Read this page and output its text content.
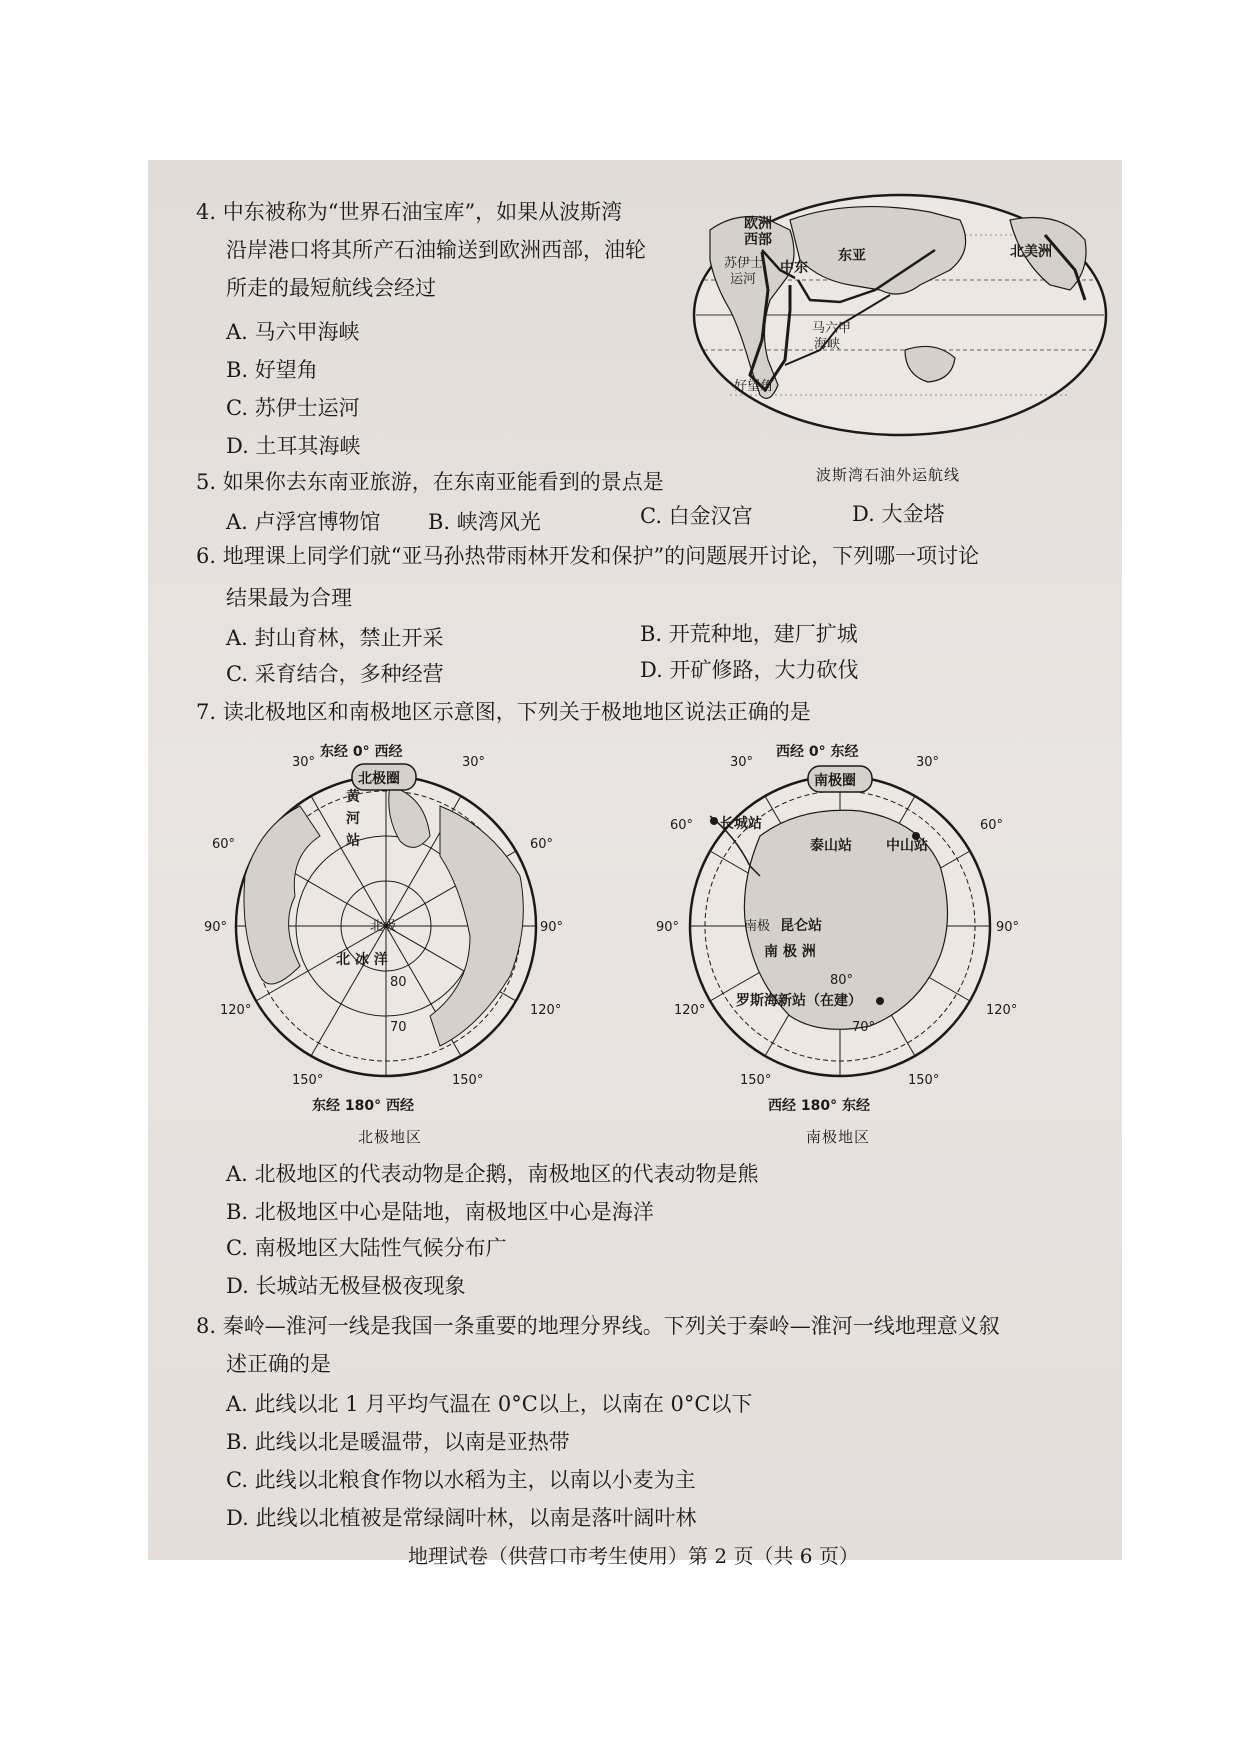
4. 中东被称为“世界石油宝库”，如果从波斯湾
沿岸港口将其所产石油输送到欧洲西部，油轮
所走的最短航线会经过
A. 马六甲海峡
B. 好望角
C. 苏伊士运河
D. 土耳其海峡
欧洲
西部
苏伊士
运河
中东
东亚	北美洲
马六甲
海峡
好望角
波斯湾石油外运航线
5. 如果你去东南亚旅游，在东南亚能看到的景点是
A. 卢浮宫博物馆 B. 峡湾风光	C. 白金汉宫	D. 大金塔
6. 地理课上同学们就“亚马孙热带雨林开发和保护”的问题展开讨论，下列哪一项讨论
结果最为合理
A. 封山育林，禁止开采	B. 开荒种地，建厂扩城
C. 采育结合，多种经营	D. 开矿修路，大力砍伐
7. 读北极地区和南极地区示意图，下列关于极地地区说法正确的是
北极圈
东经 0° 西经
东经 180° 西经
黄
河
站
北极
北 冰 洋
30°	30°
60°	60°
90°	90°
120°	120°
150°	150°
80
70
北极地区
南极圈
西经 0° 东经
西经 180° 东经
长城站
泰山站 中山站
南极 昆仑站
南 极 洲
罗斯海新站（在建）
30°	30°
60°	60°
90°	90°
120°	120°
150°	150°
80°
70°
南极地区
A. 北极地区的代表动物是企鹅，南极地区的代表动物是熊
B. 北极地区中心是陆地，南极地区中心是海洋
C. 南极地区大陆性气候分布广
D. 长城站无极昼极夜现象
8. 秦岭—淮河一线是我国一条重要的地理分界线。下列关于秦岭—淮河一线地理意义叙
述正确的是
A. 此线以北 1 月平均气温在 0°C以上，以南在 0°C以下
B. 此线以北是暖温带，以南是亚热带
C. 此线以北粮食作物以水稻为主，以南以小麦为主
D. 此线以北植被是常绿阔叶林，以南是落叶阔叶林
地理试卷（供营口市考生使用）第 2 页（共 6 页）
